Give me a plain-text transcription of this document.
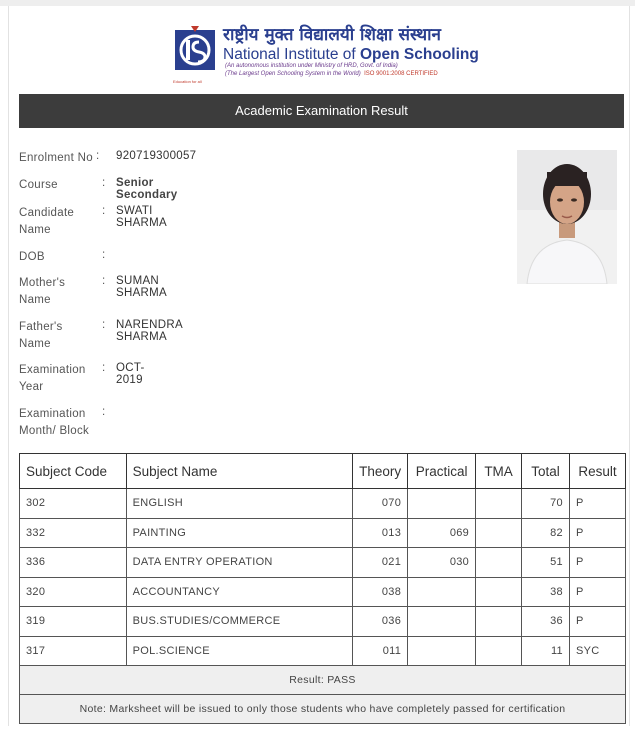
राष्ट्रीय मुक्त विद्यालयी शिक्षा संस्थान
National Institute of Open Schooling
(An autonomous institution under Ministry of HRD, Govt. of India)
(The Largest Open Schooling System in the World) ISO 9001:2008 CERTIFIED
Education for all
Academic Examination Result
Enrolment No : 920719300057
Course	: Senior Secondary
Candidate Name
: SWATI SHARMA
DOB	:
Mother's Name
: SUMAN SHARMA
Father's Name
: NARENDRA SHARMA
Examination Year
: OCT-2019
Examination Month/ Block
:
Subject Code	Subject Name	Theory	Practical	TMA	Total	Result
302	ENGLISH	070			70	P
332	PAINTING	013	069		82	P
336	DATA ENTRY OPERATION	021	030		51	P
320	ACCOUNTANCY	038			38	P
319	BUS.STUDIES/COMMERCE	036			36	P
317	POL.SCIENCE	011			11	SYC
Result: PASS						
Note: Marksheet will be issued to only those students who have completely passed for certification						
